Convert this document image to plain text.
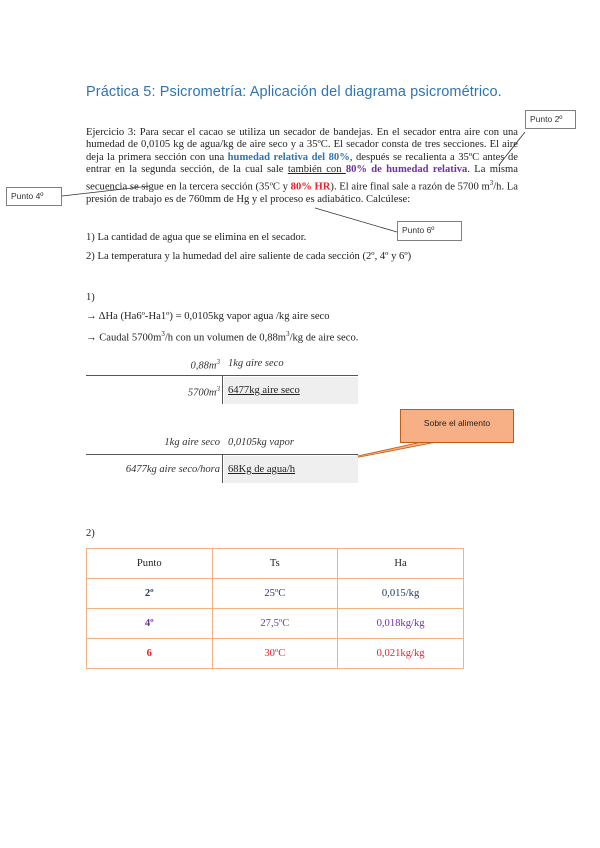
Práctica 5: Psicrometría: Aplicación del diagrama psicrométrico.
Ejercicio 3: Para secar el cacao se utiliza un secador de bandejas. En el secador entra aire con una humedad de 0,0105 kg de agua/kg de aire seco y a 35ºC. El secador consta de tres secciones. El aire deja la primera sección con una humedad relativa del 80%, después se recalienta a 35ºC antes de entrar en la segunda sección, de la cual sale también con 80% de humedad relativa. La misma secuencia se sigue en la tercera sección (35ºC y 80% HR). El aire final sale a razón de 5700 $m^3/h$. La presión de trabajo es de 760mm de Hg y el proceso es adiabático. Calcúlese:
1) La cantidad de agua que se elimina en el secador.
2) La temperatura y la humedad del aire saliente de cada sección (2º, 4º y 6º)
Punto 2º
Punto 4º
Punto 6º
Sobre el alimento
1)
→ ΔHa (Ha6º-Ha1º) = 0,0105kg vapor agua /kg aire seco
→ Caudal $5700m^3/h$ con un volumen de $0,88m^3/kg$ de aire seco.
$0,88m^3$ 1kg aire seco
$5700m^3$ 6477kg aire seco
1kg aire seco 0,0105kg vapor
6477kg aire seco/hora 68Kg de agua/h
2)
Punto	Ts	Ha
2º	25ºC	0,015/kg
4º	27,5ºC	0,018kg/kg
6	30ºC	0,021kg/kg
